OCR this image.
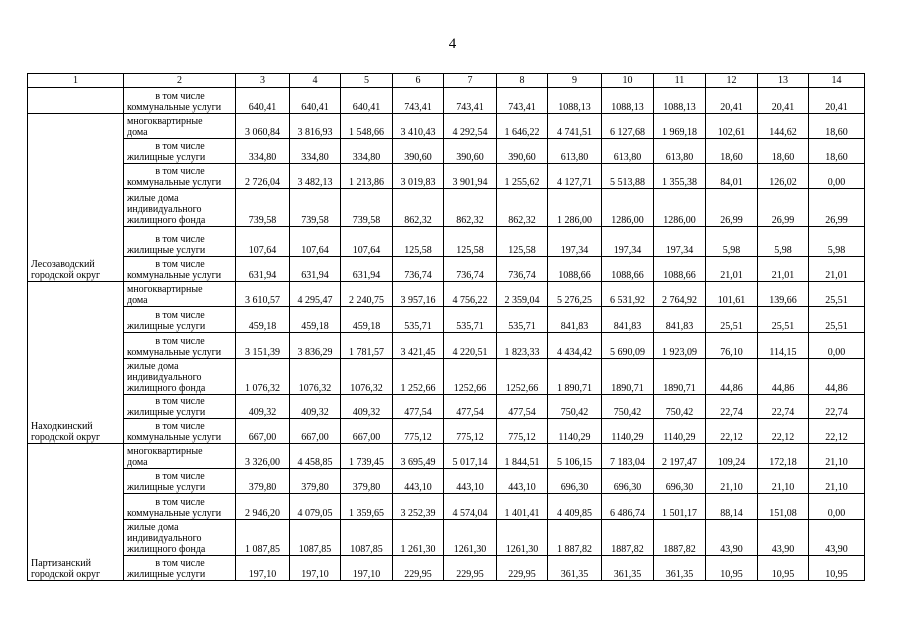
4
1	2	3	4	5	6	7	8	9	10	11	12	13	14

	в том числе
коммунальные услуги	640,41	640,41	640,41	743,41	743,41	743,41	1088,13	1088,13	1088,13	20,41	20,41	20,41
Лесозаводский городской округ	многоквартирные
дома	3 060,84	3 816,93	1 548,66	3 410,43	4 292,54	1 646,22	4 741,51	6 127,68	1 969,18	102,61	144,62	18,60

	в том числе
жилищные услуги	334,80	334,80	334,80	390,60	390,60	390,60	613,80	613,80	613,80	18,60	18,60	18,60

	в том числе
коммунальные услуги	2 726,04	3 482,13	1 213,86	3 019,83	3 901,94	1 255,62	4 127,71	5 513,88	1 355,38	84,01	126,02	0,00

	жилые дома
индивидуального
жилищного фонда	739,58	739,58	739,58	862,32	862,32	862,32	1 286,00	1286,00	1286,00	26,99	26,99	26,99

	в том числе
жилищные услуги	107,64	107,64	107,64	125,58	125,58	125,58	197,34	197,34	197,34	5,98	5,98	5,98

	в том числе
коммунальные услуги	631,94	631,94	631,94	736,74	736,74	736,74	1088,66	1088,66	1088,66	21,01	21,01	21,01
Находкинский городской округ	многоквартирные
дома	3 610,57	4 295,47	2 240,75	3 957,16	4 756,22	2 359,04	5 276,25	6 531,92	2 764,92	101,61	139,66	25,51

	в том числе
жилищные услуги	459,18	459,18	459,18	535,71	535,71	535,71	841,83	841,83	841,83	25,51	25,51	25,51

	в том числе
коммунальные услуги	3 151,39	3 836,29	1 781,57	3 421,45	4 220,51	1 823,33	4 434,42	5 690,09	1 923,09	76,10	114,15	0,00

	жилые дома
индивидуального
жилищного фонда	1 076,32	1076,32	1076,32	1 252,66	1252,66	1252,66	1 890,71	1890,71	1890,71	44,86	44,86	44,86

	в том числе
жилищные услуги	409,32	409,32	409,32	477,54	477,54	477,54	750,42	750,42	750,42	22,74	22,74	22,74

	в том числе
коммунальные услуги	667,00	667,00	667,00	775,12	775,12	775,12	1140,29	1140,29	1140,29	22,12	22,12	22,12
Партизанский городской округ	многоквартирные
дома	3 326,00	4 458,85	1 739,45	3 695,49	5 017,14	1 844,51	5 106,15	7 183,04	2 197,47	109,24	172,18	21,10

	в том числе
жилищные услуги	379,80	379,80	379,80	443,10	443,10	443,10	696,30	696,30	696,30	21,10	21,10	21,10

	в том числе
коммунальные услуги	2 946,20	4 079,05	1 359,65	3 252,39	4 574,04	1 401,41	4 409,85	6 486,74	1 501,17	88,14	151,08	0,00

	жилые дома
индивидуального
жилищного фонда	1 087,85	1087,85	1087,85	1 261,30	1261,30	1261,30	1 887,82	1887,82	1887,82	43,90	43,90	43,90

	в том числе
жилищные услуги	197,10	197,10	197,10	229,95	229,95	229,95	361,35	361,35	361,35	10,95	10,95	10,95
